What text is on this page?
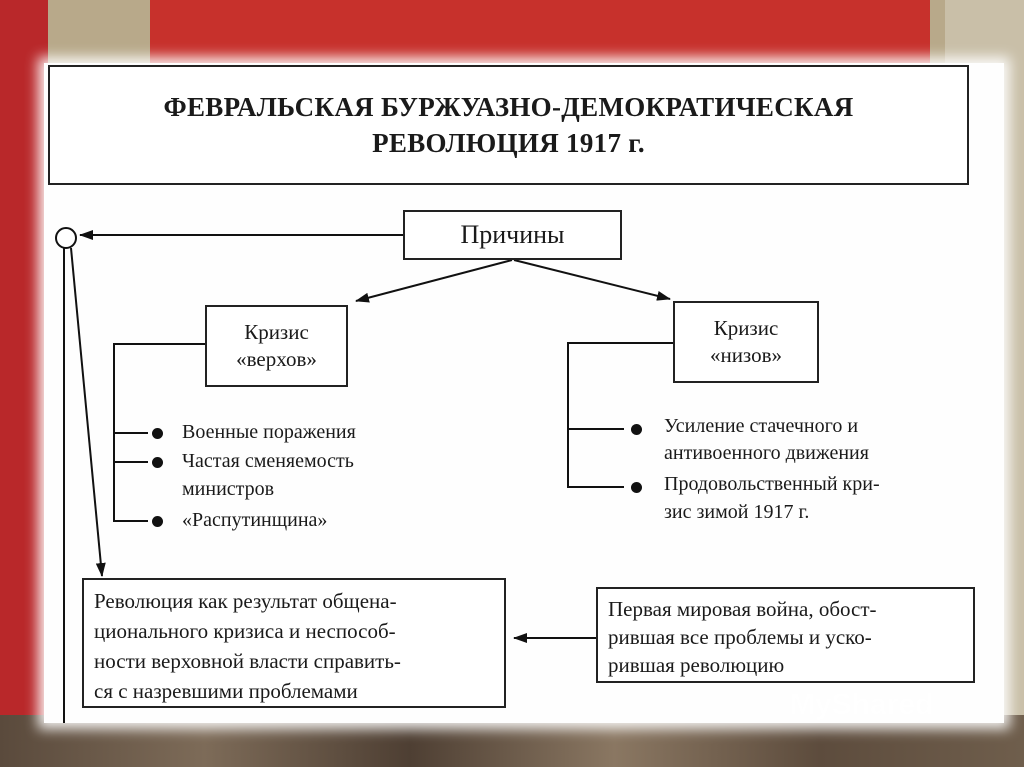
ФЕВРАЛЬСКАЯ БУРЖУАЗНО-ДЕМОКРАТИЧЕСКАЯ
РЕВОЛЮЦИЯ 1917 г.
Причины
Кризис
«верхов»
Кризис
«низов»
Военные поражения
Частая сменяемость
министров
«Распутинщина»
Усиление стачечного и
антивоенного движения
Продовольственный кри-
зис зимой 1917 г.
Революция как результат общена-
ционального кризиса и неспособ-
ности верховной власти справить-
ся с назревшими проблемами
Первая мировая война, обост-
рившая все проблемы и уско-
рившая революцию
MyShared
